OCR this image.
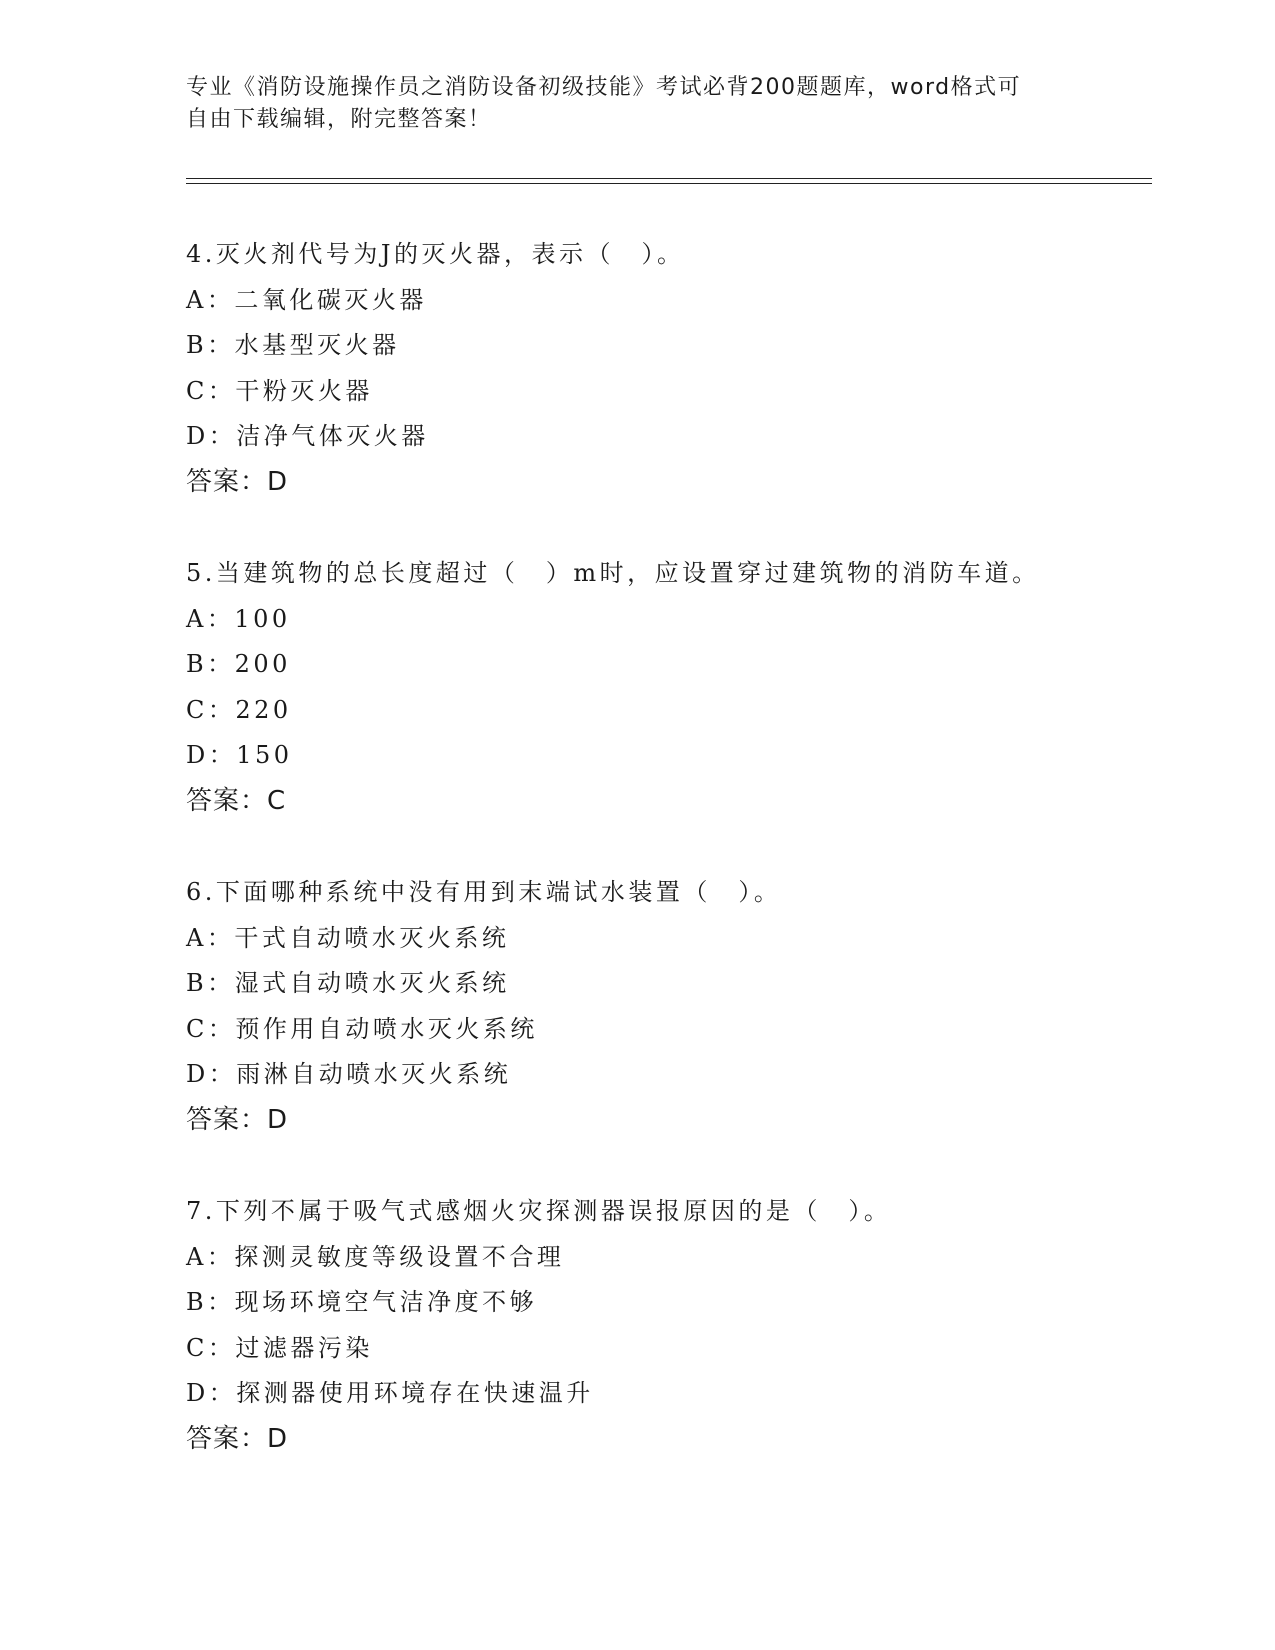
专业《消防设施操作员之消防设备初级技能》考试必背200题题库，word格式可
自由下载编辑，附完整答案！
4.灭火剂代号为J的灭火器，表示（　）。
A：二氧化碳灭火器
B：水基型灭火器
C：干粉灭火器
D：洁净气体灭火器
答案：D
5.当建筑物的总长度超过（　）m时，应设置穿过建筑物的消防车道。
A：100
B：200
C：220
D：150
答案：C
6.下面哪种系统中没有用到末端试水装置（　）。
A：干式自动喷水灭火系统
B：湿式自动喷水灭火系统
C：预作用自动喷水灭火系统
D：雨淋自动喷水灭火系统
答案：D
7.下列不属于吸气式感烟火灾探测器误报原因的是（　）。
A：探测灵敏度等级设置不合理
B：现场环境空气洁净度不够
C：过滤器污染
D：探测器使用环境存在快速温升
答案：D
